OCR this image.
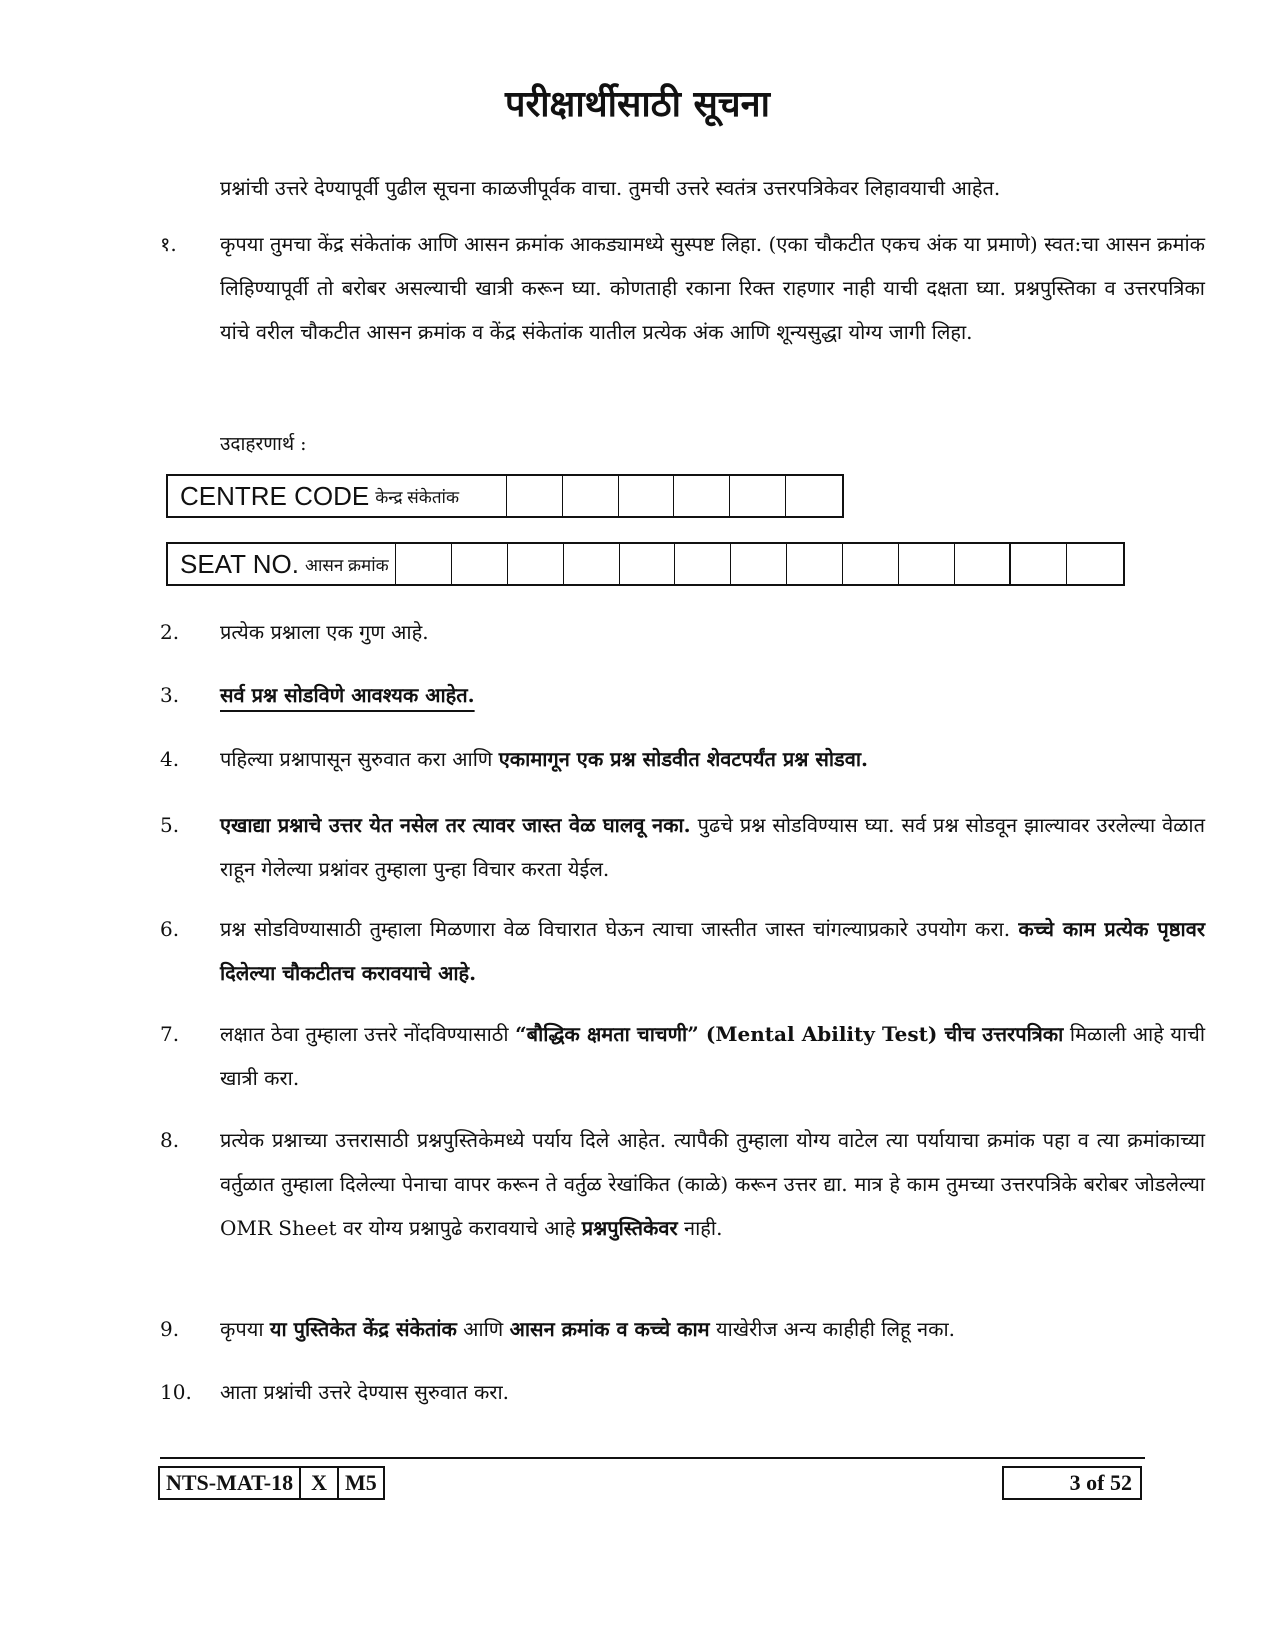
परीक्षार्थीसाठी सूचना
प्रश्नांची उत्तरे देण्यापूर्वी पुढील सूचना काळजीपूर्वक वाचा. तुमची उत्तरे स्वतंत्र उत्तरपत्रिकेवर लिहावयाची आहेत.
१.	कृपया तुमचा केंद्र संकेतांक आणि आसन क्रमांक आकड्यामध्ये सुस्पष्ट लिहा. (एका चौकटीत एकच अंक या प्रमाणे) स्वत:चा आसन क्रमांक लिहिण्यापूर्वी तो बरोबर असल्याची खात्री करून घ्या. कोणताही रकाना रिक्त राहणार नाही याची दक्षता घ्या. प्रश्नपुस्तिका व उत्तरपत्रिका यांचे वरील चौकटीत आसन क्रमांक व केंद्र संकेतांक यातील प्रत्येक अंक आणि शून्यसुद्धा योग्य जागी लिहा.
उदाहरणार्थ :
CENTRE CODE केन्द्र संकेतांक
SEAT NO. आसन क्रमांक
2.	प्रत्येक प्रश्नाला एक गुण आहे.
3.	सर्व प्रश्न सोडविणे आवश्यक आहेत.
4.	पहिल्या प्रश्नापासून सुरुवात करा आणि एकामागून एक प्रश्न सोडवीत शेवटपर्यंत प्रश्न सोडवा.
5.	एखाद्या प्रश्नाचे उत्तर येत नसेल तर त्यावर जास्त वेळ घालवू नका. पुढचे प्रश्न सोडविण्यास घ्या. सर्व प्रश्न सोडवून झाल्यावर उरलेल्या वेळात राहून गेलेल्या प्रश्नांवर तुम्हाला पुन्हा विचार करता येईल.
6.	प्रश्न सोडविण्यासाठी तुम्हाला मिळणारा वेळ विचारात घेऊन त्याचा जास्तीत जास्त चांगल्याप्रकारे उपयोग करा. कच्चे काम प्रत्येक पृष्ठावर दिलेल्या चौकटीतच करावयाचे आहे.
7.	लक्षात ठेवा तुम्हाला उत्तरे नोंदविण्यासाठी “बौद्धिक क्षमता चाचणी” (Mental Ability Test) चीच उत्तरपत्रिका मिळाली आहे याची खात्री करा.
8.	प्रत्येक प्रश्नाच्या उत्तरासाठी प्रश्नपुस्तिकेमध्ये पर्याय दिले आहेत. त्यापैकी तुम्हाला योग्य वाटेल त्या पर्यायाचा क्रमांक पहा व त्या क्रमांकाच्या वर्तुळात तुम्हाला दिलेल्या पेनाचा वापर करून ते वर्तुळ रेखांकित (काळे) करून उत्तर द्या. मात्र हे काम तुमच्या उत्तरपत्रिके बरोबर जोडलेल्या OMR Sheet वर योग्य प्रश्नापुढे करावयाचे आहे प्रश्नपुस्तिकेवर नाही.
9.	कृपया या पुस्तिकेत केंद्र संकेतांक आणि आसन क्रमांक व कच्चे काम याखेरीज अन्य काहीही लिहू नका.
10.	आता प्रश्नांची उत्तरे देण्यास सुरुवात करा.
NTS-MAT-18 X M5	3 of 52
